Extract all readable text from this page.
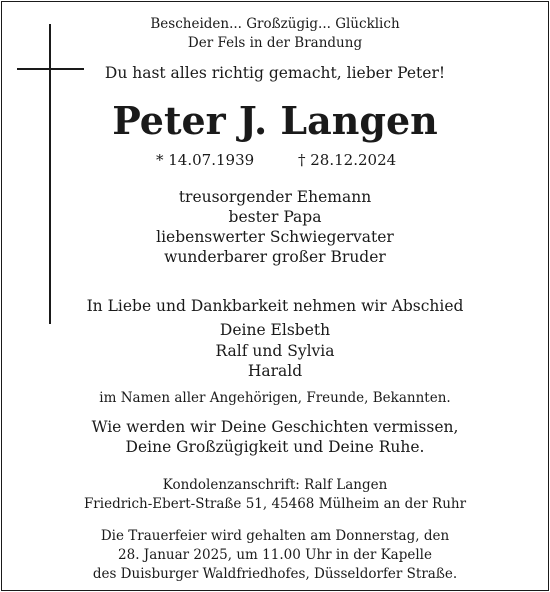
Bescheiden... Großzügig... Glücklich
Der Fels in der Brandung
Du hast alles richtig gemacht, lieber Peter!
Peter J. Langen
* 14.07.1939	† 28.12.2024
treusorgender Ehemann
bester Papa
liebenswerter Schwiegervater
wunderbarer großer Bruder
In Liebe und Dankbarkeit nehmen wir Abschied
Deine Elsbeth
Ralf und Sylvia
Harald
im Namen aller Angehörigen, Freunde, Bekannten.
Wie werden wir Deine Geschichten vermissen,
Deine Großzügigkeit und Deine Ruhe.
Kondolenzanschrift: Ralf Langen
Friedrich-Ebert-Straße 51, 45468 Mülheim an der Ruhr
Die Trauerfeier wird gehalten am Donnerstag, den
28. Januar 2025, um 11.00 Uhr in der Kapelle
des Duisburger Waldfriedhofes, Düsseldorfer Straße.
